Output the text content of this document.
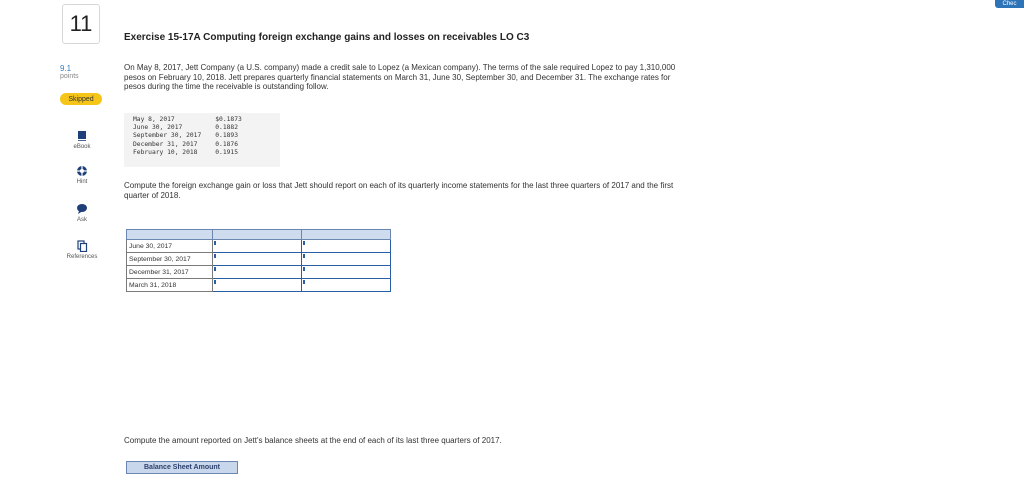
Chec
11
9.1
points
Skipped
eBook
Hint
Ask
References
Exercise 15-17A Computing foreign exchange gains and losses on receivables LO C3
On May 8, 2017, Jett Company (a U.S. company) made a credit sale to Lopez (a Mexican company). The terms of the sale required Lopez to pay 1,310,000 pesos on February 10, 2018. Jett prepares quarterly financial statements on March 31, June 30, September 30, and December 31. The exchange rates for pesos during the time the receivable is outstanding follow.
May 8, 2017	$0.1873
June 30, 2017	0.1882
September 30, 2017	0.1893
December 31, 2017	0.1876
February 10, 2018	0.1915
Compute the foreign exchange gain or loss that Jett should report on each of its quarterly income statements for the last three quarters of 2017 and the first quarter of 2018.

June 30, 2017		
September 30, 2017		
December 31, 2017		
March 31, 2018		
Compute the amount reported on Jett's balance sheets at the end of each of its last three quarters of 2017.
Balance Sheet Amount
